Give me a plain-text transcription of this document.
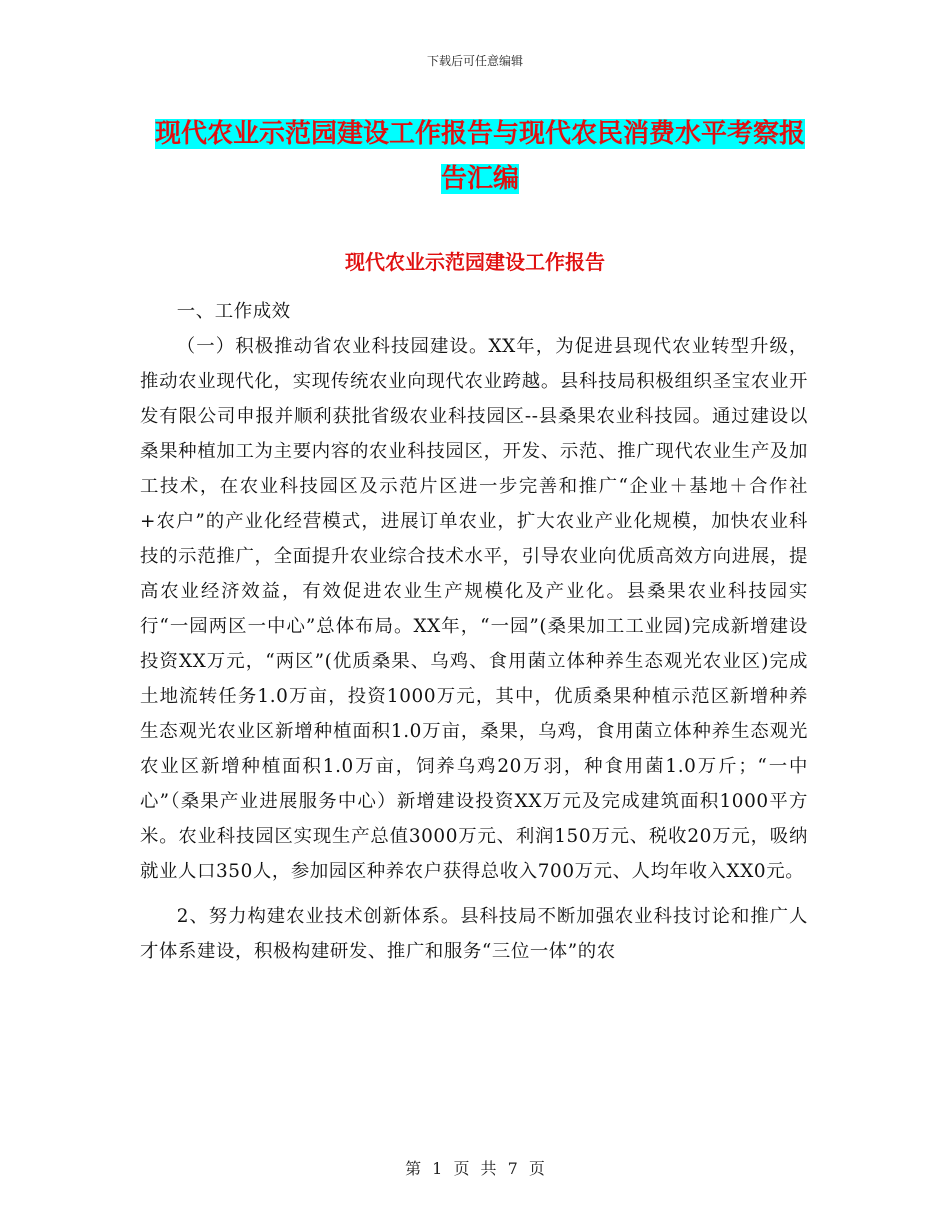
下载后可任意编辑
现代农业示范园建设工作报告与现代农民消费水平考察报告汇编
现代农业示范园建设工作报告

一、工作成效

（一）积极推动省农业科技园建设。XX年，为促进县现代农业转型升级，推动农业现代化，实现传统农业向现代农业跨越。县科技局积极组织圣宝农业开发有限公司申报并顺利获批省级农业科技园区--县桑果农业科技园。通过建设以桑果种植加工为主要内容的农业科技园区，开发、示范、推广现代农业生产及加工技术，在农业科技园区及示范片区进一步完善和推广“企业＋基地＋合作社+农户”的产业化经营模式，进展订单农业，扩大农业产业化规模，加快农业科技的示范推广，全面提升农业综合技术水平，引导农业向优质高效方向进展，提高农业经济效益，有效促进农业生产规模化及产业化。县桑果农业科技园实行“一园两区一中心”总体布局。XX年，“一园”(桑果加工工业园)完成新增建设投资XX万元，“两区”(优质桑果、乌鸡、食用菌立体种养生态观光农业区)完成土地流转任务1.0万亩，投资1000万元，其中，优质桑果种植示范区新增种养生态观光农业区新增种植面积1.0万亩，桑果，乌鸡，食用菌立体种养生态观光农业区新增种植面积1.0万亩，饲养乌鸡20万羽，种食用菌1.0万斤；“一中心”（桑果产业进展服务中心）新增建设投资XX万元及完成建筑面积1000平方米。农业科技园区实现生产总值3000万元、利润150万元、税收20万元，吸纳就业人口350人，参加园区种养农户获得总收入700万元、人均年收入XX0元。

2、努力构建农业技术创新体系。县科技局不断加强农业科技讨论和推广人才体系建设，积极构建研发、推广和服务“三位一体”的农

第 1 页 共 7 页
